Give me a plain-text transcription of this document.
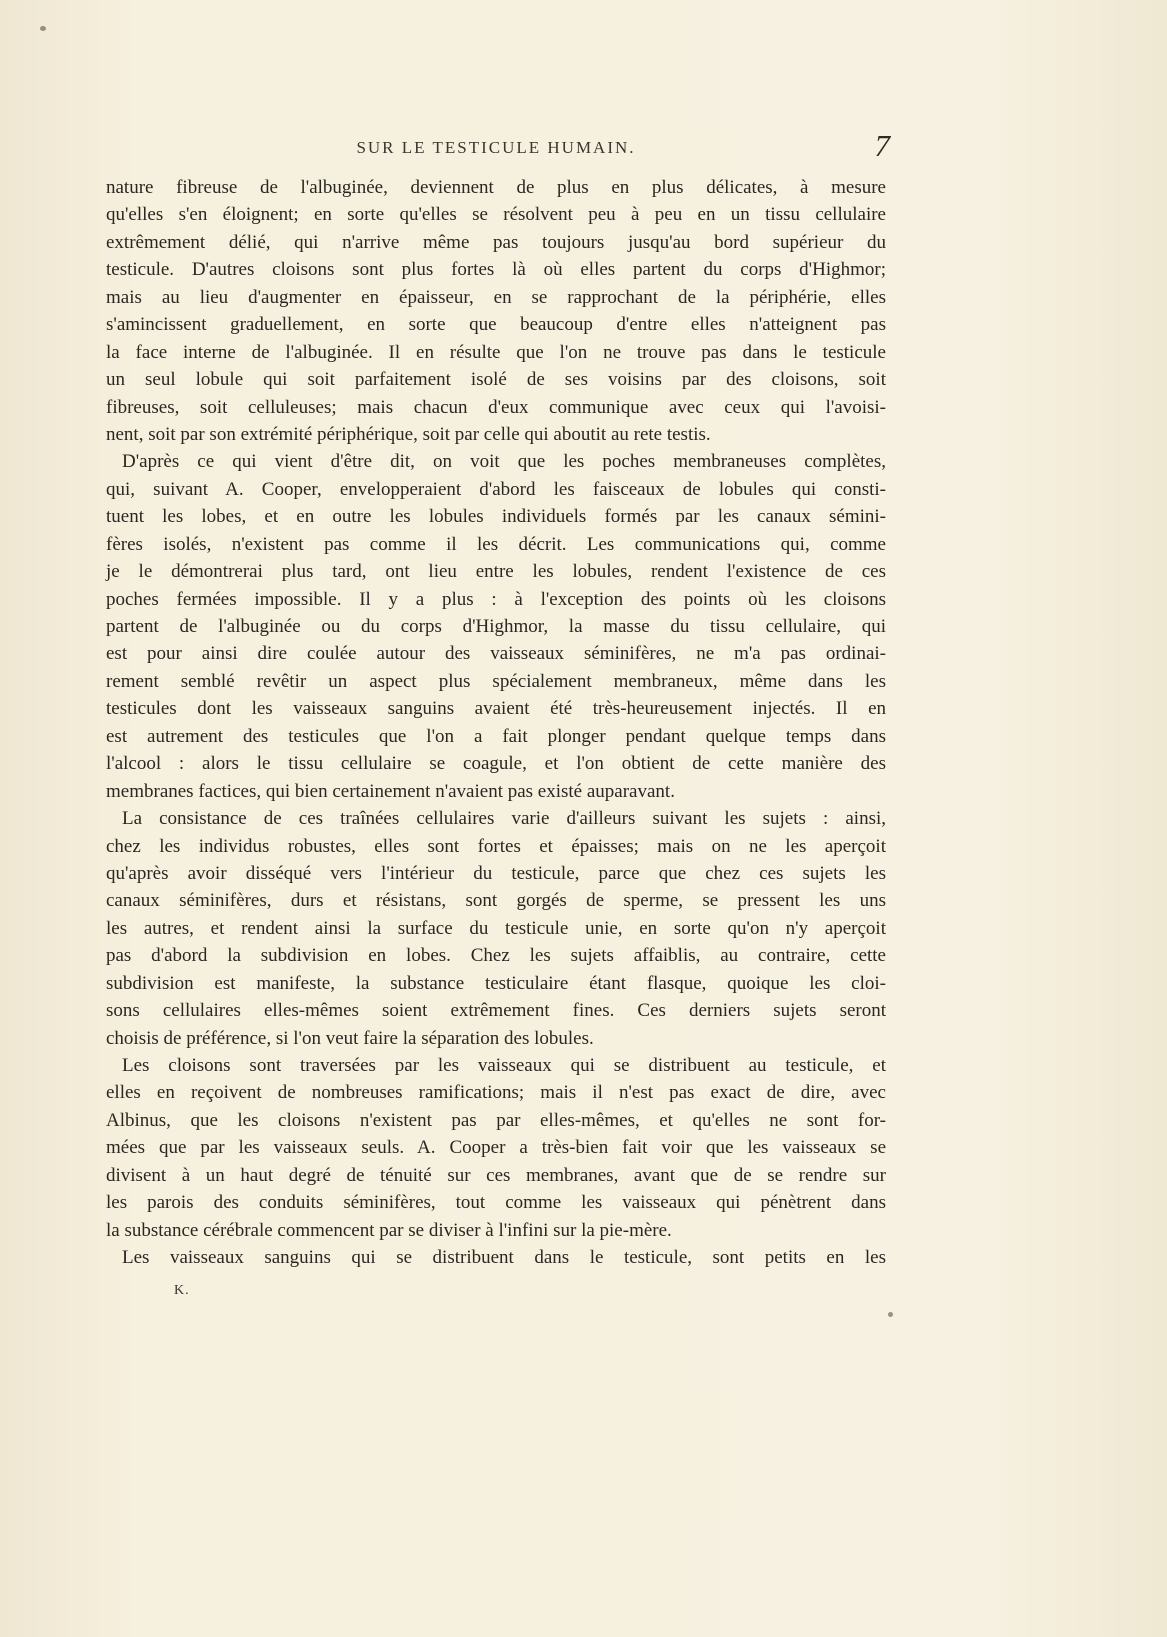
SUR LE TESTICULE HUMAIN.	7
nature fibreuse de l'albuginée, deviennent de plus en plus délicates, à mesure
qu'elles s'en éloignent; en sorte qu'elles se résolvent peu à peu en un tissu cellulaire
extrêmement délié, qui n'arrive même pas toujours jusqu'au bord supérieur du
testicule. D'autres cloisons sont plus fortes là où elles partent du corps d'Highmor;
mais au lieu d'augmenter en épaisseur, en se rapprochant de la périphérie, elles
s'amincissent graduellement, en sorte que beaucoup d'entre elles n'atteignent pas
la face interne de l'albuginée. Il en résulte que l'on ne trouve pas dans le testicule
un seul lobule qui soit parfaitement isolé de ses voisins par des cloisons, soit
fibreuses, soit celluleuses; mais chacun d'eux communique avec ceux qui l'avoisi-
nent, soit par son extrémité périphérique, soit par celle qui aboutit au rete testis.
D'après ce qui vient d'être dit, on voit que les poches membraneuses complètes,
qui, suivant A. Cooper, envelopperaient d'abord les faisceaux de lobules qui consti-
tuent les lobes, et en outre les lobules individuels formés par les canaux sémini-
fères isolés, n'existent pas comme il les décrit. Les communications qui, comme
je le démontrerai plus tard, ont lieu entre les lobules, rendent l'existence de ces
poches fermées impossible. Il y a plus : à l'exception des points où les cloisons
partent de l'albuginée ou du corps d'Highmor, la masse du tissu cellulaire, qui
est pour ainsi dire coulée autour des vaisseaux séminifères, ne m'a pas ordinai-
rement semblé revêtir un aspect plus spécialement membraneux, même dans les
testicules dont les vaisseaux sanguins avaient été très-heureusement injectés. Il en
est autrement des testicules que l'on a fait plonger pendant quelque temps dans
l'alcool : alors le tissu cellulaire se coagule, et l'on obtient de cette manière des
membranes factices, qui bien certainement n'avaient pas existé auparavant.
La consistance de ces traînées cellulaires varie d'ailleurs suivant les sujets : ainsi,
chez les individus robustes, elles sont fortes et épaisses; mais on ne les aperçoit
qu'après avoir disséqué vers l'intérieur du testicule, parce que chez ces sujets les
canaux séminifères, durs et résistans, sont gorgés de sperme, se pressent les uns
les autres, et rendent ainsi la surface du testicule unie, en sorte qu'on n'y aperçoit
pas d'abord la subdivision en lobes. Chez les sujets affaiblis, au contraire, cette
subdivision est manifeste, la substance testiculaire étant flasque, quoique les cloi-
sons cellulaires elles-mêmes soient extrêmement fines. Ces derniers sujets seront
choisis de préférence, si l'on veut faire la séparation des lobules.
Les cloisons sont traversées par les vaisseaux qui se distribuent au testicule, et
elles en reçoivent de nombreuses ramifications; mais il n'est pas exact de dire, avec
Albinus, que les cloisons n'existent pas par elles-mêmes, et qu'elles ne sont for-
mées que par les vaisseaux seuls. A. Cooper a très-bien fait voir que les vaisseaux se
divisent à un haut degré de ténuité sur ces membranes, avant que de se rendre sur
les parois des conduits séminifères, tout comme les vaisseaux qui pénètrent dans
la substance cérébrale commencent par se diviser à l'infini sur la pie-mère.
Les vaisseaux sanguins qui se distribuent dans le testicule, sont petits en les
K.
